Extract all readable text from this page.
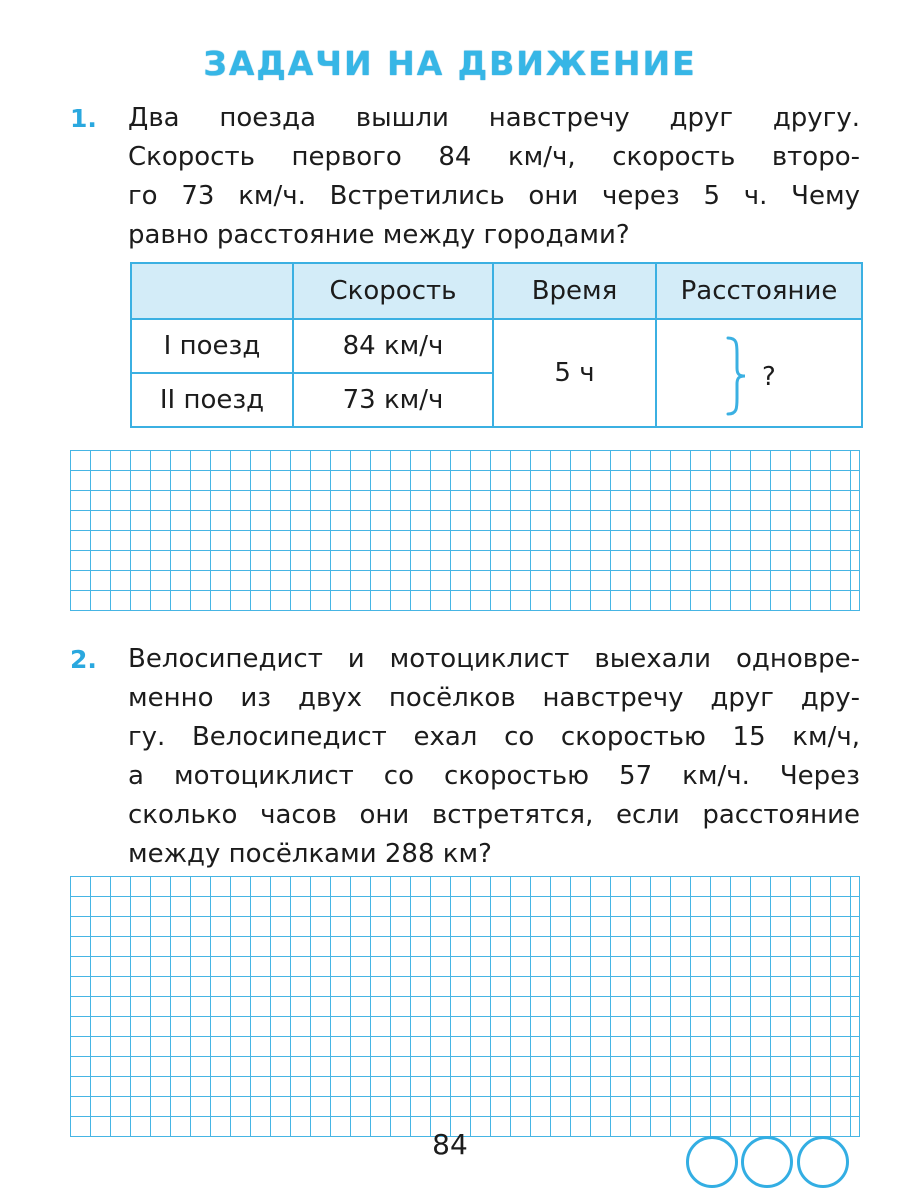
ЗАДАЧИ НА ДВИЖЕНИЕ
1. Два поезда вышли навстречу друг другу.
Скорость первого 84 км/ч, скорость второ-
го 73 км/ч. Встретились они через 5 ч. Чему
равно расстояние между городами?
	Скорость	Время	Расстояние
I поезд	84 км/ч	5 ч	
II поезд	73 км/ч		
?
2. Велосипедист и мотоциклист выехали одновре-
менно из двух посёлков навстречу друг дру-
гу. Велосипедист ехал со скоростью 15 км/ч,
а мотоциклист со скоростью 57 км/ч. Через
сколько часов они встретятся, если расстояние
между посёлками 288 км?
84
